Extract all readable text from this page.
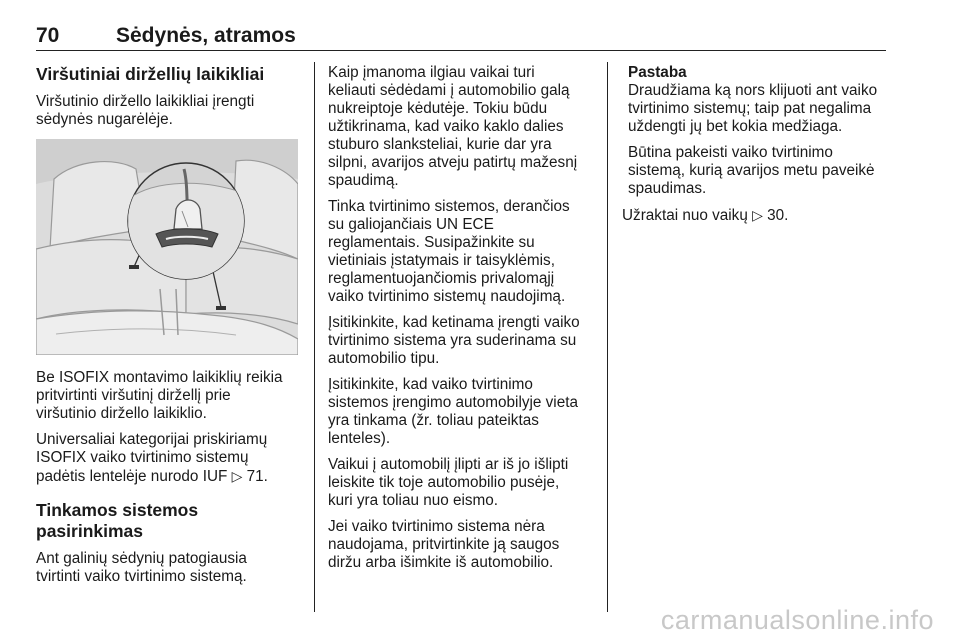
70	Sėdynės, atramos
Viršutiniai diržellių laikikliai

Viršutinio diržello laikikliai įrengti
sėdynės nugarėlėje.

Be ISOFIX montavimo laikiklių reikia
pritvirtinti viršutinį diržellį prie
viršutinio diržello laikiklio.

Universaliai kategorijai priskiriamų
ISOFIX vaiko tvirtinimo sistemų
padėtis lentelėje nurodo IUF ▷ 71.

Tinkamos sistemos pasirinkimas

Ant galinių sėdynių patogiausia
tvirtinti vaiko tvirtinimo sistemą.

Kaip įmanoma ilgiau vaikai turi
keliauti sėdėdami į automobilio galą
nukreiptoje kėdutėje. Tokiu būdu
užtikrinama, kad vaiko kaklo dalies
stuburo slanksteliai, kurie dar yra
silpni, avarijos atveju patirtų mažesnį
spaudimą.

Tinka tvirtinimo sistemos, derančios
su galiojančiais UN ECE
reglamentais. Susipažinkite su
vietiniais įstatymais ir taisyklėmis,
reglamentuojančiomis privalomąjį
vaiko tvirtinimo sistemų naudojimą.

Įsitikinkite, kad ketinama įrengti vaiko
tvirtinimo sistema yra suderinama su
automobilio tipu.

Įsitikinkite, kad vaiko tvirtinimo
sistemos įrengimo automobilyje vieta
yra tinkama (žr. toliau pateiktas
lenteles).

Vaikui į automobilį įlipti ar iš jo išlipti
leiskite tik toje automobilio pusėje,
kuri yra toliau nuo eismo.

Jei vaiko tvirtinimo sistema nėra
naudojama, pritvirtinkite ją saugos
diržu arba išimkite iš automobilio.

Pastaba

Draudžiama ką nors klijuoti ant vaiko
tvirtinimo sistemų; taip pat negalima
uždengti jų bet kokia medžiaga.

Būtina pakeisti vaiko tvirtinimo
sistemą, kurią avarijos metu paveikė
spaudimas.

Užraktai nuo vaikų ▷ 30.

carmanualsonline.info
